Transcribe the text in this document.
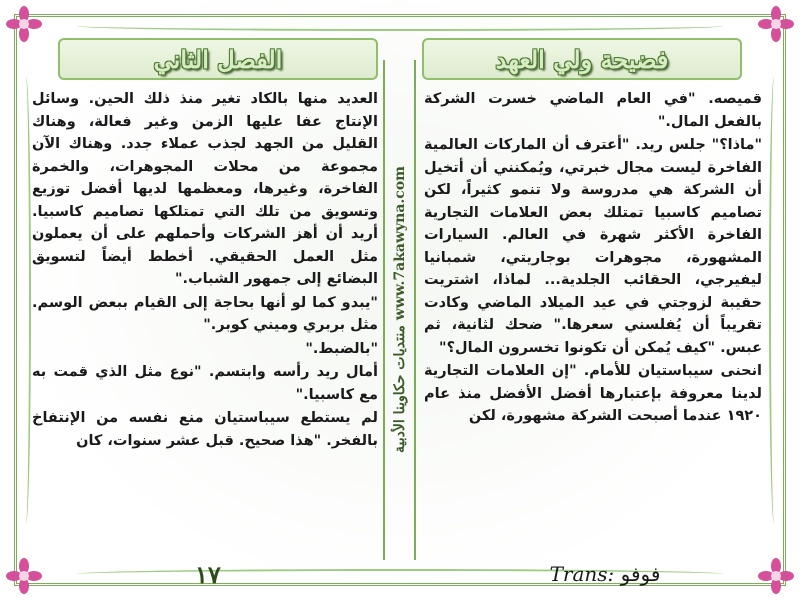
منتديات حكاوينا الأدبية www.7akawyna.com
الفصل الثاني	فضيحة ولي العهد

العديد منها بالكاد تغير منذ ذلك الحين. وسائل الإنتاج عفا عليها الزمن وغير فعالة، وهناك القليل من الجهد لجذب عملاء جدد. وهناك الآن مجموعة من محلات المجوهرات، والخمرة الفاخرة، وغيرها، ومعظمها لديها أفضل توزيع وتسويق من تلك التي تمتلكها تصاميم كاسبيا. أريد أن أهز الشركات وأحملهم على أن يعملون مثل العمل الحقيقي. أخطط أيضاً لتسويق البضائع إلى جمهور الشباب."

"يبدو كما لو أنها بحاجة إلى القيام ببعض الوسم. مثل بربري وميني كوبر."

"بالضبط."

أمال ريد رأسه وابتسم. "نوع مثل الذي قمت به مع كاسبيا."

لم يستطع سيباستيان منع نفسه من الإنتفاخ بالفخر. "هذا صحيح. قبل عشر سنوات، كان

قميصه. "في العام الماضي خسرت الشركة بالفعل المال."

"ماذا؟" جلس ريد. "أعترف أن الماركات العالمية الفاخرة ليست مجال خبرتي، ويُمكنني أن أتخيل أن الشركة هي مدروسة ولا تنمو كثيراً، لكن تصاميم كاسبيا تمتلك بعض العلامات التجارية الفاخرة الأكثر شهرة في العالم. السيارات المشهورة، مجوهرات بوجاريتي، شمبانيا ليفيرجي، الحقائب الجلدية... لماذا، اشتريت حقيبة لزوجتي في عيد الميلاد الماضي وكادت تقريباً أن يُفلسني سعرها." ضحك لثانية، ثم عبس. "كيف يُمكن أن تكونوا تخسرون المال؟"

انحنى سيباستيان للأمام. "إن العلامات التجارية لدينا معروفة بإعتبارها أفضل الأفضل منذ عام ١٩٢٠ عندما أصبحت الشركة مشهورة، لكن

١٧	Trans: فوفو
